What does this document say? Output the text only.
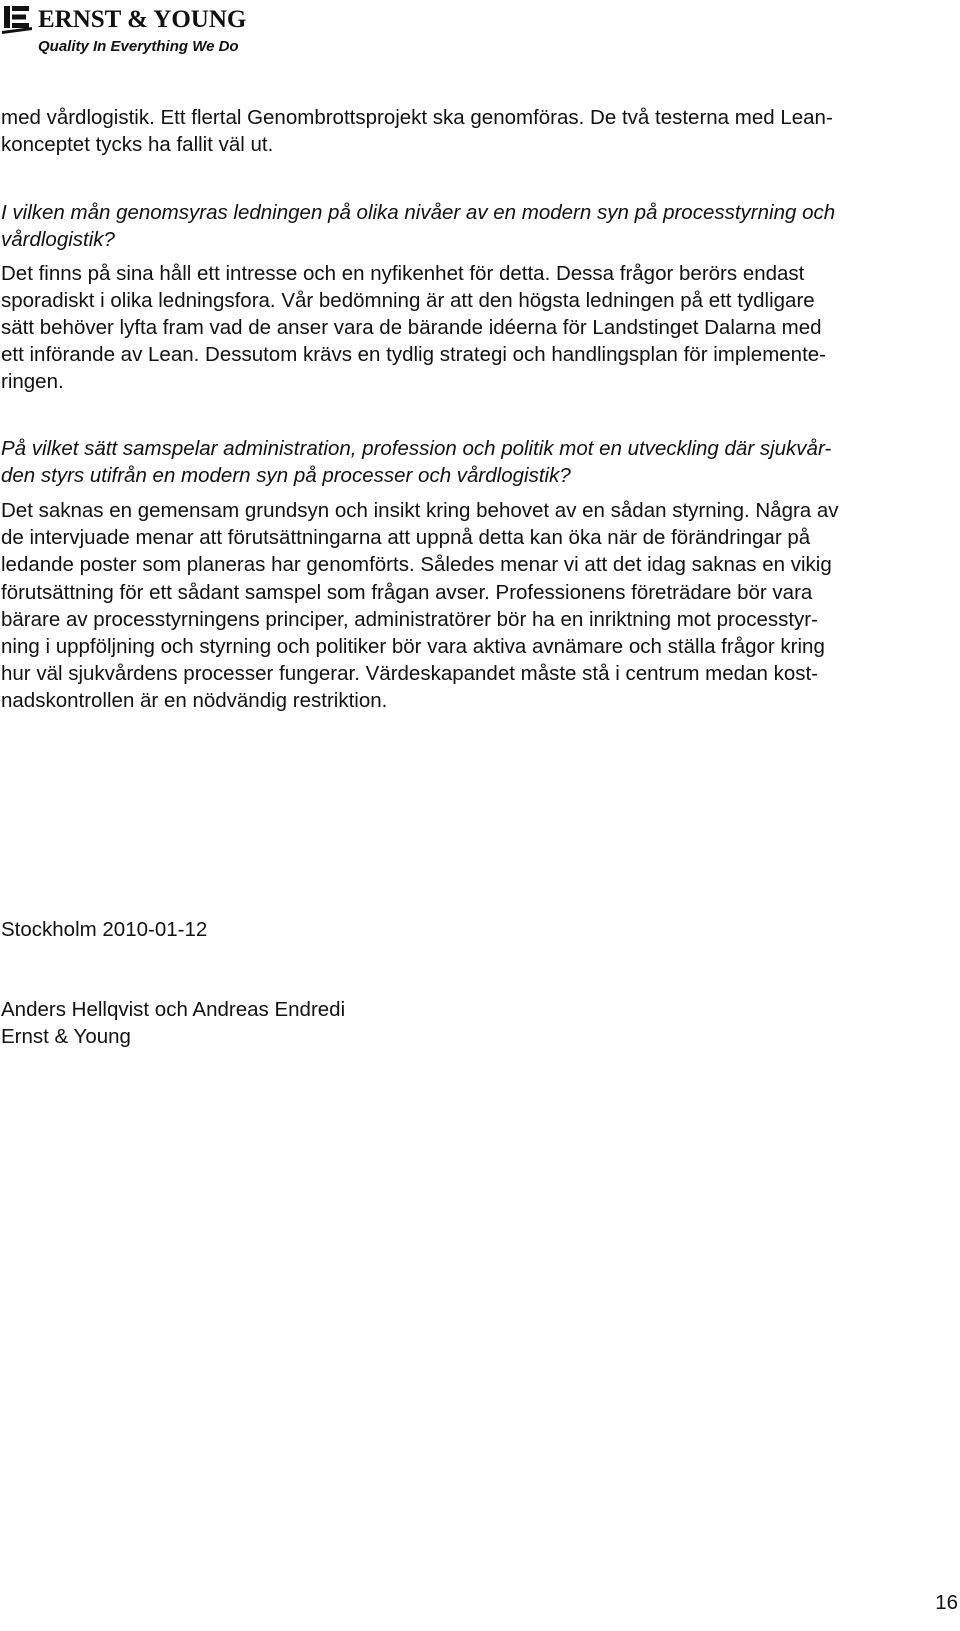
ERNST & YOUNG
Quality In Everything We Do

med vårdlogistik. Ett flertal Genombrottsprojekt ska genomföras. De två testerna med Lean-

konceptet tycks ha fallit väl ut.

I vilken mån genomsyras ledningen på olika nivåer av en modern syn på processtyrning och

vårdlogistik?

Det finns på sina håll ett intresse och en nyfikenhet för detta. Dessa frågor berörs endast

sporadiskt i olika ledningsfora. Vår bedömning är att den högsta ledningen på ett tydligare

sätt behöver lyfta fram vad de anser vara de bärande idéerna för Landstinget Dalarna med

ett införande av Lean. Dessutom krävs en tydlig strategi och handlingsplan för implemente-

ringen.

På vilket sätt samspelar administration, profession och politik mot en utveckling där sjukvår-

den styrs utifrån en modern syn på processer och vårdlogistik?

Det saknas en gemensam grundsyn och insikt kring behovet av en sådan styrning. Några av

de intervjuade menar att förutsättningarna att uppnå detta kan öka när de förändringar på

ledande poster som planeras har genomförts. Således menar vi att det idag saknas en vikig

förutsättning för ett sådant samspel som frågan avser. Professionens företrädare bör vara

bärare av processtyrningens principer, administratörer bör ha en inriktning mot processtyr-

ning i uppföljning och styrning och politiker bör vara aktiva avnämare och ställa frågor kring

hur väl sjukvårdens processer fungerar. Värdeskapandet måste stå i centrum medan kost-

nadskontrollen är en nödvändig restriktion.

Stockholm 2010-01-12

Anders Hellqvist och Andreas Endredi

Ernst & Young

16
